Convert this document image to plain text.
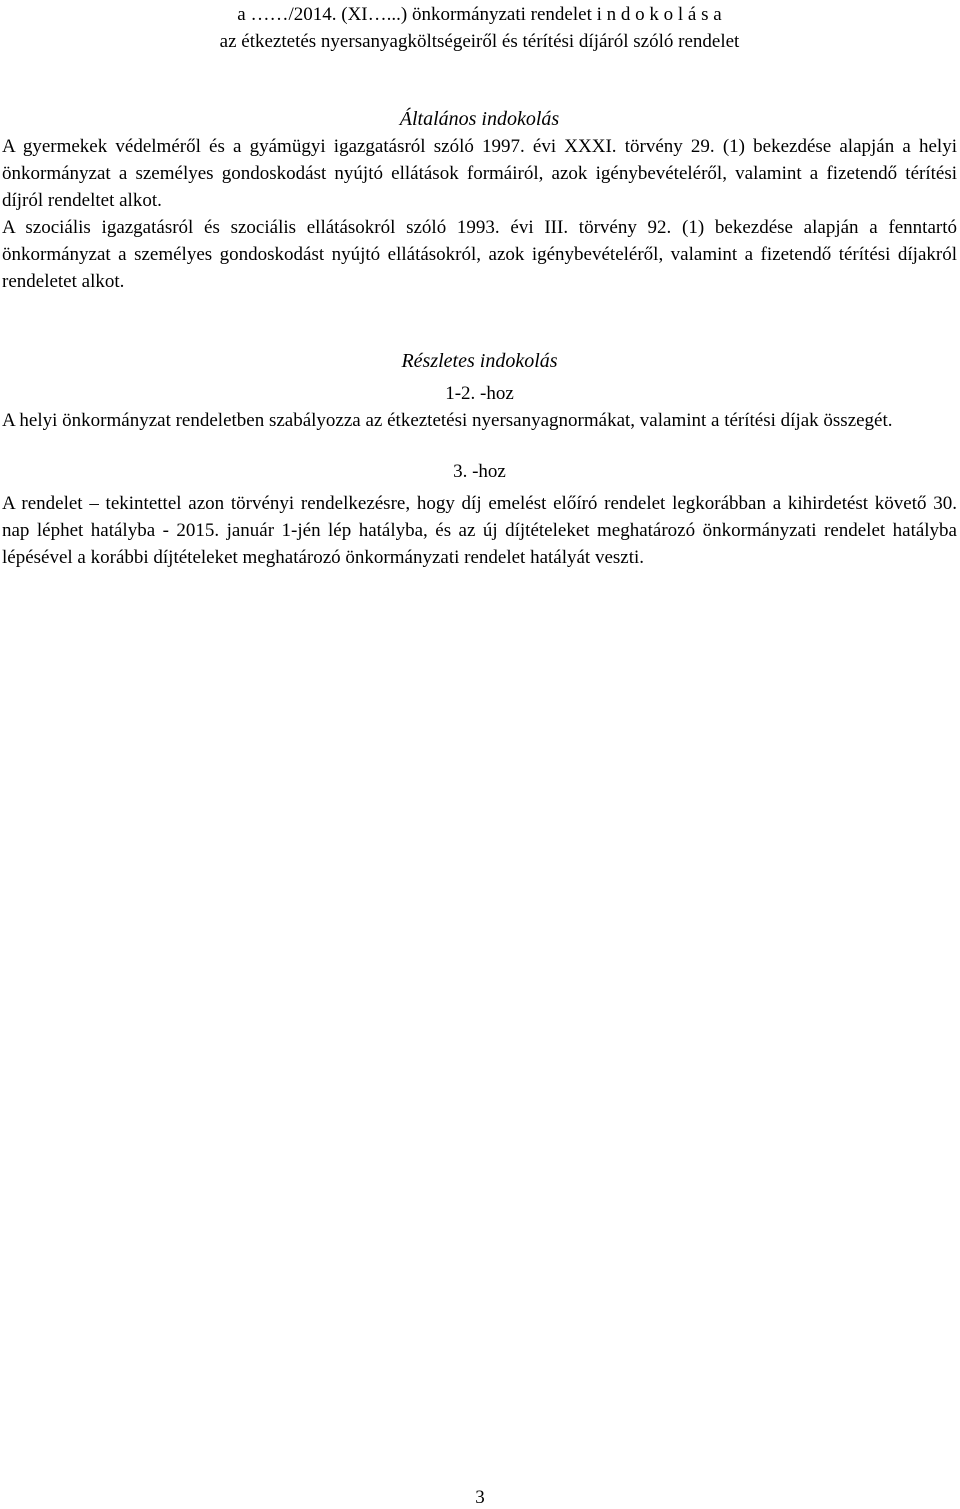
a ……/2014. (XI…...) önkormányzati rendelet i n d o k o l á s a
az étkeztetés nyersanyagköltségeiről és térítési díjáról szóló rendelet
Általános indokolás

A gyermekek védelméről és a gyámügyi igazgatásról szóló 1997. évi XXXI. törvény 29. (1) bekezdése alapján a helyi önkormányzat a személyes gondoskodást nyújtó ellátások formáiról, azok igénybevételéről, valamint a fizetendő térítési díjról rendeltet alkot.

A szociális igazgatásról és szociális ellátásokról szóló 1993. évi III. törvény 92. (1) bekezdése alapján a fenntartó önkormányzat a személyes gondoskodást nyújtó ellátásokról, azok igénybevételéről, valamint a fizetendő térítési díjakról rendeletet alkot.

Részletes indokolás
1-2. -hoz

A helyi önkormányzat rendeletben szabályozza az étkeztetési nyersanyagnormákat, valamint a térítési díjak összegét.

3. -hoz

A rendelet – tekintettel azon törvényi rendelkezésre, hogy díj emelést előíró rendelet legkorábban a kihirdetést követő 30. nap léphet hatályba - 2015. január 1-jén lép hatályba, és az új díjtételeket meghatározó önkormányzati rendelet hatályba lépésével a korábbi díjtételeket meghatározó önkormányzati rendelet hatályát veszti.

3
